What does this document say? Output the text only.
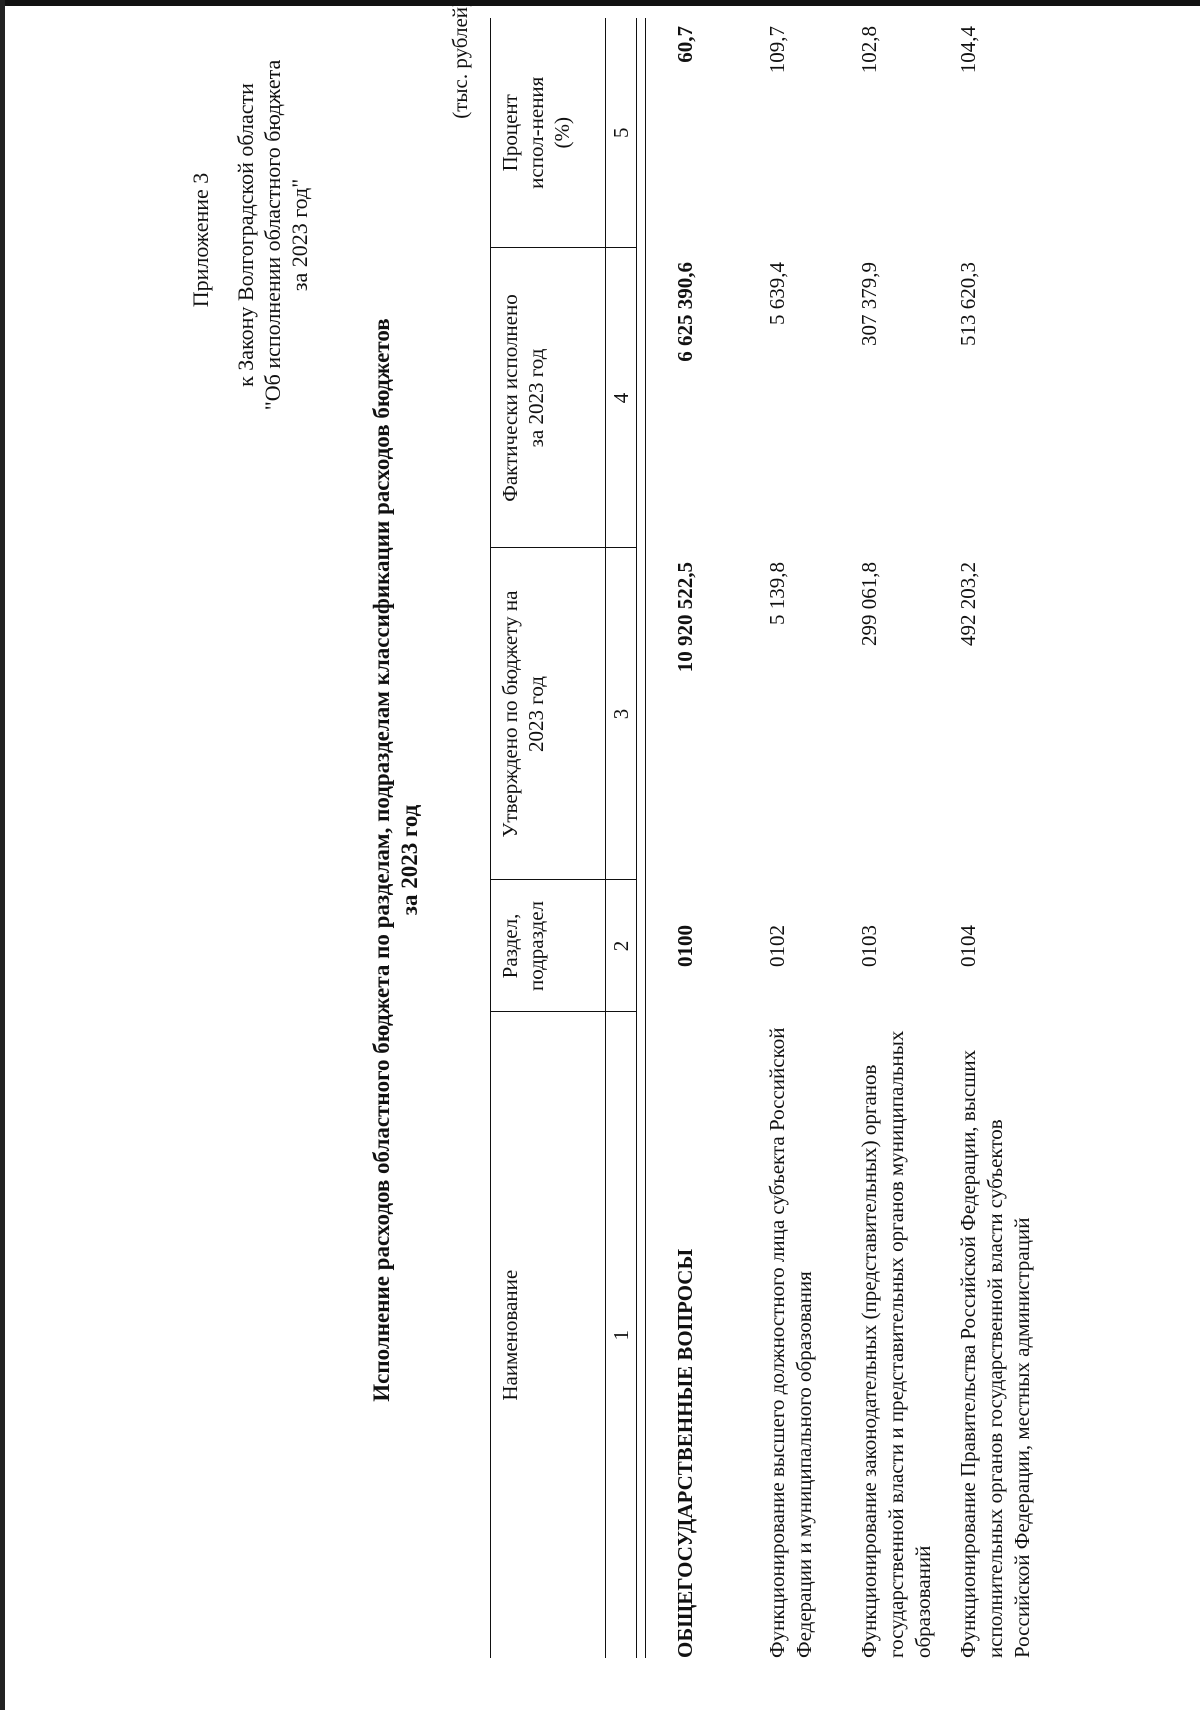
Приложение 3 к Закону Волгоградской области "Об исполнении областного бюджета за 2023 год"
Исполнение расходов областного бюджета по разделам, подразделам классификации расходов бюджетов за 2023 год
(тыс. рублей)
Наименование	Раздел, подраздел	Утверждено по бюджету на 2023 год	Фактически исполнено за 2023 год	Процент испол-нения (%)
1	2	3	4	5

ОБЩЕГОСУДАРСТВЕННЫЕ ВОПРОСЫ	0100	10 920 522,5	6 625 390,6	60,7
Функционирование высшего должностного лица субъекта Российской Федерации и муниципального образования	0102	5 139,8	5 639,4	109,7
Функционирование законодательных (представительных) органов государственной власти и представительных органов муниципальных образований	0103	299 061,8	307 379,9	102,8
Функционирование Правительства Российской Федерации, высших исполнительных органов государственной власти субъектов Российской Федерации, местных администраций	0104	492 203,2	513 620,3	104,4
